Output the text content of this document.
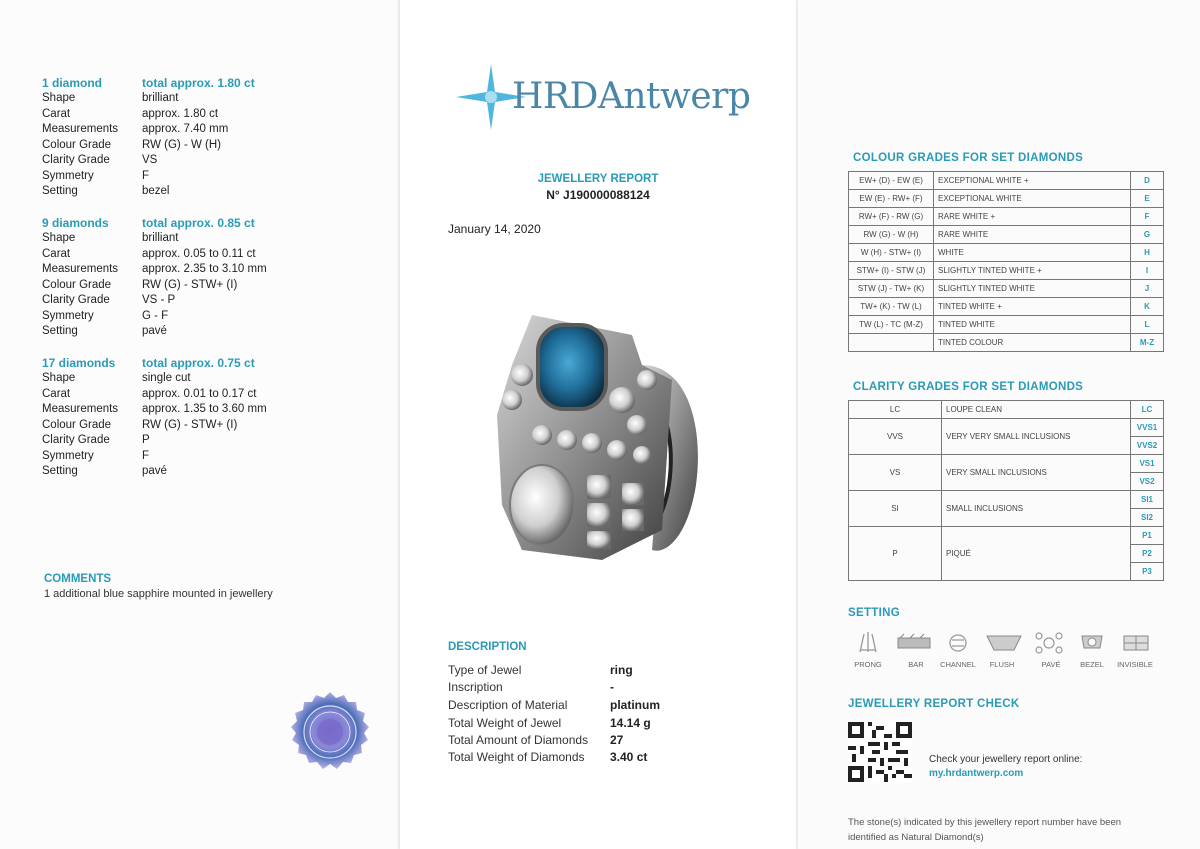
1 diamond	total approx. 1.80 ct
Shape	brilliant
Carat	approx. 1.80 ct
Measurements	approx. 7.40 mm
Colour Grade	RW (G) - W (H)
Clarity Grade	VS
Symmetry	F
Setting	bezel
9 diamonds	total approx. 0.85 ct
Shape	brilliant
Carat	approx. 0.05 to 0.11 ct
Measurements	approx. 2.35 to 3.10 mm
Colour Grade	RW (G) - STW+ (I)
Clarity Grade	VS - P
Symmetry	G - F
Setting	pavé
17 diamonds	total approx. 0.75 ct
Shape	single cut
Carat	approx. 0.01 to 0.17 ct
Measurements	approx. 1.35 to 3.60 mm
Colour Grade	RW (G) - STW+ (I)
Clarity Grade	P
Symmetry	F
Setting	pavé
COMMENTS
1 additional blue sapphire mounted in jewellery
HRDAntwerp
JEWELLERY REPORT
N° J190000088124
January 14, 2020
DESCRIPTION
Type of Jewel	ring
Inscription	-
Description of Material	platinum
Total Weight of Jewel	14.14 g
Total Amount of Diamonds	27
Total Weight of Diamonds	3.40 ct
COLOUR GRADES FOR SET DIAMONDS
EW+ (D) - EW (E)	EXCEPTIONAL WHITE +	D
EW (E) - RW+ (F)	EXCEPTIONAL WHITE	E
RW+ (F) - RW (G)	RARE WHITE +	F
RW (G) - W (H)	RARE WHITE	G
W (H) - STW+ (I)	WHITE	H
STW+ (I) - STW (J)	SLIGHTLY TINTED WHITE +	I
STW (J) - TW+ (K)	SLIGHTLY TINTED WHITE	J
TW+ (K) - TW (L)	TINTED WHITE +	K
TW (L) - TC (M-Z)	TINTED WHITE	L
	TINTED COLOUR	M-Z
CLARITY GRADES FOR SET DIAMONDS
LC	LOUPE CLEAN	LC
VVS	VERY VERY SMALL INCLUSIONS	VVS1
		VVS2
VS	VERY SMALL INCLUSIONS	VS1
		VS2
SI	SMALL INCLUSIONS	SI1
		SI2
P	PIQUÉ	P1
		P2
		P3
SETTING
PRONG	BAR	CHANNEL	FLUSH	PAVÉ	BEZEL	INVISIBLE
JEWELLERY REPORT CHECK
Check your jewellery report online:
my.hrdantwerp.com
The stone(s) indicated by this jewellery report number have been
identified as Natural Diamond(s)
